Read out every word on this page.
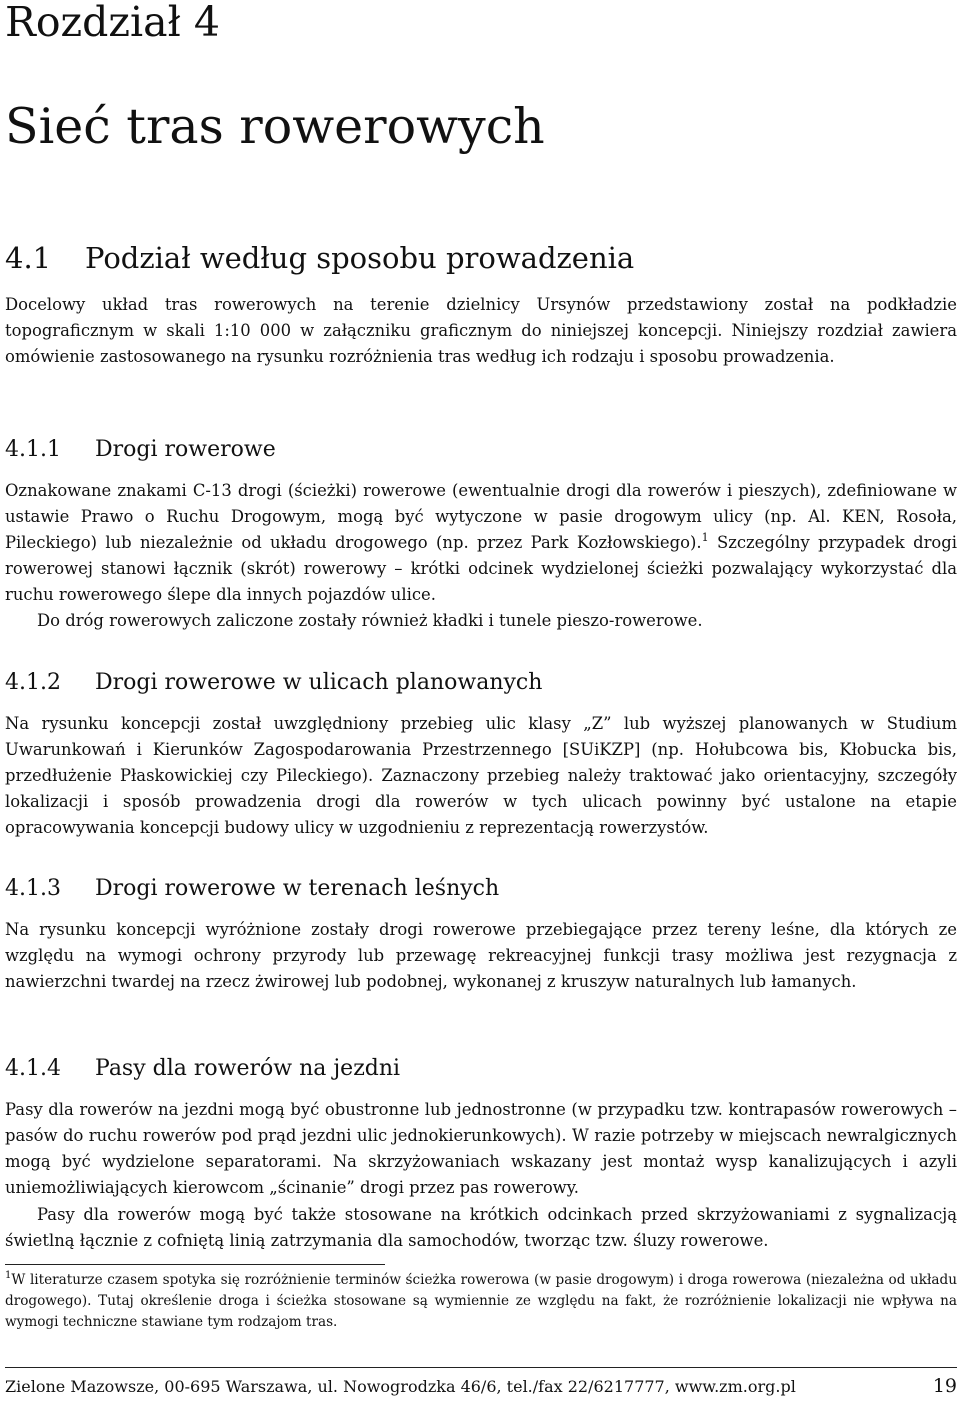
Rozdział 4
Sieć tras rowerowych
4.1 Podział według sposobu prowadzenia

Docelowy układ tras rowerowych na terenie dzielnicy Ursynów przedstawiony został na podkładzie topograficznym w skali 1:10 000 w załączniku graficznym do niniejszej koncepcji. Niniejszy rozdział zawiera omówienie zastosowanego na rysunku rozróżnienia tras według ich rodzaju i sposobu prowadzenia.

4.1.1 Drogi rowerowe

Oznakowane znakami C-13 drogi (ścieżki) rowerowe (ewentualnie drogi dla rowerów i pieszych), zdefiniowane w ustawie Prawo o Ruchu Drogowym, mogą być wytyczone w pasie drogowym ulicy (np. Al. KEN, Rosoła, Pileckiego) lub niezależnie od układu drogowego (np. przez Park Kozłowskiego).$^1$ Szczególny przypadek drogi rowerowej stanowi łącznik (skrót) rowerowy – krótki odcinek wydzielonej ścieżki pozwalający wykorzystać dla ruchu rowerowego ślepe dla innych pojazdów ulice.

Do dróg rowerowych zaliczone zostały również kładki i tunele pieszo-rowerowe.

4.1.2 Drogi rowerowe w ulicach planowanych

Na rysunku koncepcji został uwzględniony przebieg ulic klasy „Z” lub wyższej planowanych w Studium Uwarunkowań i Kierunków Zagospodarowania Przestrzennego [SUiKZP] (np. Hołubcowa bis, Kłobucka bis, przedłużenie Płaskowickiej czy Pileckiego). Zaznaczony przebieg należy traktować jako orientacyjny, szczegóły lokalizacji i sposób prowadzenia drogi dla rowerów w tych ulicach powinny być ustalone na etapie opracowywania koncepcji budowy ulicy w uzgodnieniu z reprezentacją rowerzystów.

4.1.3 Drogi rowerowe w terenach leśnych

Na rysunku koncepcji wyróżnione zostały drogi rowerowe przebiegające przez tereny leśne, dla których ze względu na wymogi ochrony przyrody lub przewagę rekreacyjnej funkcji trasy możliwa jest rezygnacja z nawierzchni twardej na rzecz żwirowej lub podobnej, wykonanej z kruszyw naturalnych lub łamanych.

4.1.4 Pasy dla rowerów na jezdni

Pasy dla rowerów na jezdni mogą być obustronne lub jednostronne (w przypadku tzw. kontrapasów rowerowych – pasów do ruchu rowerów pod prąd jezdni ulic jednokierunkowych). W razie potrzeby w miejscach newralgicznych mogą być wydzielone separatorami. Na skrzyżowaniach wskazany jest montaż wysp kanalizujących i azyli uniemożliwiających kierowcom „ścinanie” drogi przez pas rowerowy.

Pasy dla rowerów mogą być także stosowane na krótkich odcinkach przed skrzyżowaniami z sygnalizacją świetlną łącznie z cofniętą linią zatrzymania dla samochodów, tworząc tzw. śluzy rowerowe.

$^1$W literaturze czasem spotyka się rozróżnienie terminów ścieżka rowerowa (w pasie drogowym) i droga rowerowa (niezależna od układu drogowego). Tutaj określenie droga i ścieżka stosowane są wymiennie ze względu na fakt, że rozróżnienie lokalizacji nie wpływa na wymogi techniczne stawiane tym rodzajom tras.

Zielone Mazowsze, 00-695 Warszawa, ul. Nowogrodzka 46/6, tel./fax 22/6217777, www.zm.org.pl	19
